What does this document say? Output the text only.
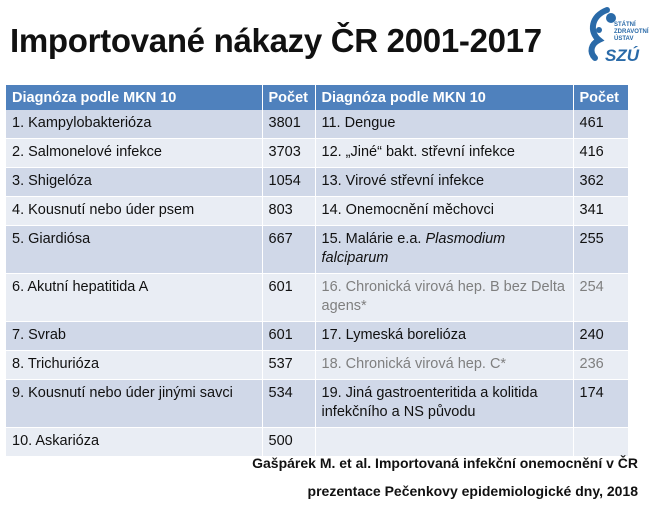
Importované nákazy ČR 2001-2017	STÁTNÍ
ZDRAVOTNÍ
ÚSTAV
SZÚ
Diagnóza podle MKN 10	Počet	Diagnóza podle MKN 10	Počet
1. Kampylobakterióza	3801	11. Dengue	461
2. Salmonelové infekce	3703	12. „Jiné“ bakt. střevní infekce	416
3. Shigelóza	1054	13. Virové střevní infekce	362
4. Kousnutí nebo úder psem	803	14. Onemocnění měchovci	341
5. Giardiósa	667	15. Malárie e.a. Plasmodium falciparum	255
6. Akutní hepatitida A	601	16. Chronická virová hep. B bez Delta agens*	254
7. Svrab	601	17. Lymeská borelióza	240
8. Trichurióza	537	18. Chronická virová hep. C*	236
9. Kousnutí nebo úder jinými savci	534	19. Jiná gastroenteritida a kolitida infekčního a NS původu	174
10. Askarióza	500		

Gašpárek M. et al. Importovaná infekční onemocnění v ČR

prezentace Pečenkovy epidemiologické dny, 2018
